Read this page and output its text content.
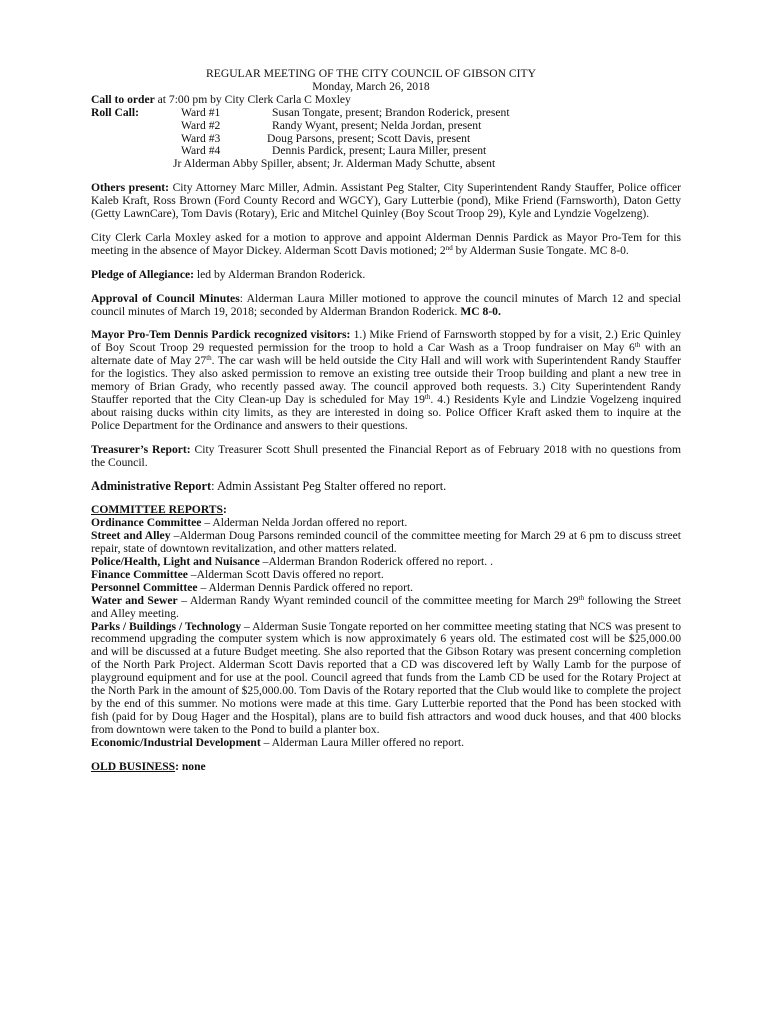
REGULAR MEETING OF THE CITY COUNCIL OF GIBSON CITY
Monday, March 26, 2018

Call to order at 7:00 pm by City Clerk Carla C Moxley

Roll Call:	Ward #1	Susan Tongate, present; Brandon Roderick, present
Ward #2	Randy Wyant, present; Nelda Jordan, present
Ward #3	Doug Parsons, present; Scott Davis, present
Ward #4	Dennis Pardick, present; Laura Miller, present
Jr Alderman Abby Spiller, absent; Jr. Alderman Mady Schutte, absent

Others present: City Attorney Marc Miller, Admin. Assistant Peg Stalter, City Superintendent Randy Stauffer, Police officer Kaleb Kraft, Ross Brown (Ford County Record and WGCY), Gary Lutterbie (pond), Mike Friend (Farnsworth), Daton Getty (Getty LawnCare), Tom Davis (Rotary), Eric and Mitchel Quinley (Boy Scout Troop 29), Kyle and Lyndzie Vogelzeng).

City Clerk Carla Moxley asked for a motion to approve and appoint Alderman Dennis Pardick as Mayor Pro-Tem for this meeting in the absence of Mayor Dickey. Alderman Scott Davis motioned; 2nd by Alderman Susie Tongate. MC 8-0.

Pledge of Allegiance: led by Alderman Brandon Roderick.

Approval of Council Minutes: Alderman Laura Miller motioned to approve the council minutes of March 12 and special council minutes of March 19, 2018; seconded by Alderman Brandon Roderick. MC 8-0.

Mayor Pro-Tem Dennis Pardick recognized visitors: 1.) Mike Friend of Farnsworth stopped by for a visit, 2.) Eric Quinley of Boy Scout Troop 29 requested permission for the troop to hold a Car Wash as a Troop fundraiser on May 6th with an alternate date of May 27th. The car wash will be held outside the City Hall and will work with Superintendent Randy Stauffer for the logistics. They also asked permission to remove an existing tree outside their Troop building and plant a new tree in memory of Brian Grady, who recently passed away. The council approved both requests. 3.) City Superintendent Randy Stauffer reported that the City Clean-up Day is scheduled for May 19th. 4.) Residents Kyle and Lindzie Vogelzeng inquired about raising ducks within city limits, as they are interested in doing so. Police Officer Kraft asked them to inquire at the Police Department for the Ordinance and answers to their questions.

Treasurer’s Report: City Treasurer Scott Shull presented the Financial Report as of February 2018 with no questions from the Council.

Administrative Report: Admin Assistant Peg Stalter offered no report.

COMMITTEE REPORTS:

Ordinance Committee – Alderman Nelda Jordan offered no report.

Street and Alley –Alderman Doug Parsons reminded council of the committee meeting for March 29 at 6 pm to discuss street repair, state of downtown revitalization, and other matters related.

Police/Health, Light and Nuisance –Alderman Brandon Roderick offered no report. .

Finance Committee –Alderman Scott Davis offered no report.

Personnel Committee – Alderman Dennis Pardick offered no report.

Water and Sewer – Alderman Randy Wyant reminded council of the committee meeting for March 29th following the Street and Alley meeting.

Parks / Buildings / Technology – Alderman Susie Tongate reported on her committee meeting stating that NCS was present to recommend upgrading the computer system which is now approximately 6 years old. The estimated cost will be $25,000.00 and will be discussed at a future Budget meeting. She also reported that the Gibson Rotary was present concerning completion of the North Park Project. Alderman Scott Davis reported that a CD was discovered left by Wally Lamb for the purpose of playground equipment and for use at the pool. Council agreed that funds from the Lamb CD be used for the Rotary Project at the North Park in the amount of $25,000.00. Tom Davis of the Rotary reported that the Club would like to complete the project by the end of this summer. No motions were made at this time. Gary Lutterbie reported that the Pond has been stocked with fish (paid for by Doug Hager and the Hospital), plans are to build fish attractors and wood duck houses, and that 400 blocks from downtown were taken to the Pond to build a planter box.

Economic/Industrial Development – Alderman Laura Miller offered no report.

OLD BUSINESS: none
